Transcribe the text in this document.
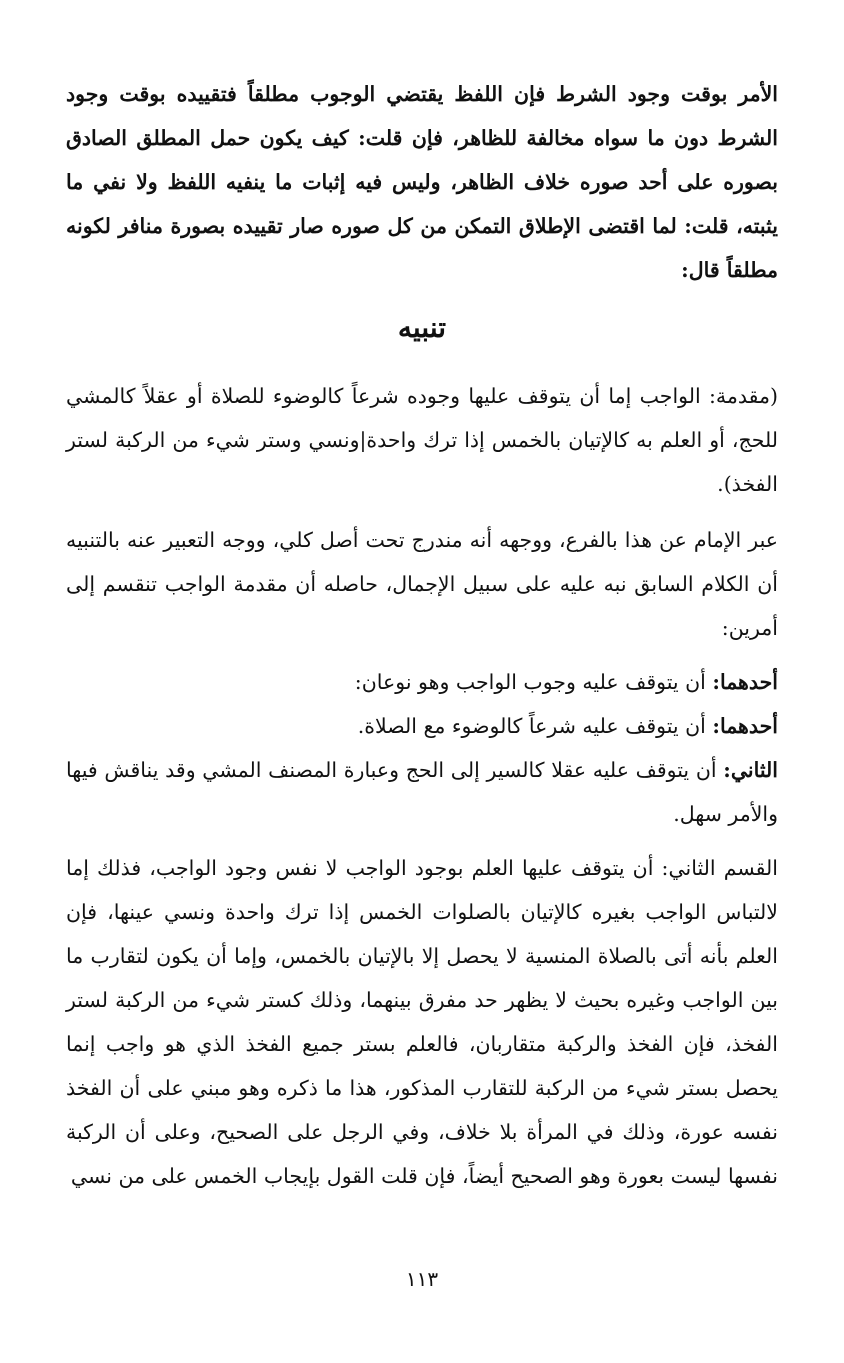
الأمر بوقت وجود الشرط فإن اللفظ يقتضي الوجوب مطلقاً فتقييده بوقت وجود الشرط دون ما سواه مخالفة للظاهر، فإن قلت: كيف يكون حمل المطلق الصادق بصوره على أحد صوره خلاف الظاهر، وليس فيه إثبات ما ينفيه اللفظ ولا نفي ما يثبته، قلت: لما اقتضى الإطلاق التمكن من كل صوره صار تقييده بصورة منافر لكونه مطلقاً قال:

تنبيه

(مقدمة: الواجب إما أن يتوقف عليها وجوده شرعاً كالوضوء للصلاة أو عقلاً كالمشي للحج، أو العلم به كالإتيان بالخمس إذا ترك واحدة|ونسي وستر شيء من الركبة لستر الفخذ).

عبر الإمام عن هذا بالفرع، ووجهه أنه مندرج تحت أصل كلي، ووجه التعبير عنه بالتنبيه أن الكلام السابق نبه عليه على سبيل الإجمال، حاصله أن مقدمة الواجب تنقسم إلى أمرين:

أحدهما: أن يتوقف عليه وجوب الواجب وهو نوعان:

أحدهما: أن يتوقف عليه شرعاً كالوضوء مع الصلاة.

الثاني: أن يتوقف عليه عقلا كالسير إلى الحج وعبارة المصنف المشي وقد يناقش فيها والأمر سهل.

القسم الثاني: أن يتوقف عليها العلم بوجود الواجب لا نفس وجود الواجب، فذلك إما لالتباس الواجب بغيره كالإتيان بالصلوات الخمس إذا ترك واحدة ونسي عينها، فإن العلم بأنه أتى بالصلاة المنسية لا يحصل إلا بالإتيان بالخمس، وإما أن يكون لتقارب ما بين الواجب وغيره بحيث لا يظهر حد مفرق بينهما، وذلك كستر شيء من الركبة لستر الفخذ، فإن الفخذ والركبة متقاربان، فالعلم بستر جميع الفخذ الذي هو واجب إنما يحصل بستر شيء من الركبة للتقارب المذكور، هذا ما ذكره وهو مبني على أن الفخذ نفسه عورة، وذلك في المرأة بلا خلاف، وفي الرجل على الصحيح، وعلى أن الركبة نفسها ليست بعورة وهو الصحيح أيضاً، فإن قلت القول بإيجاب الخمس على من نسي

١١٣
